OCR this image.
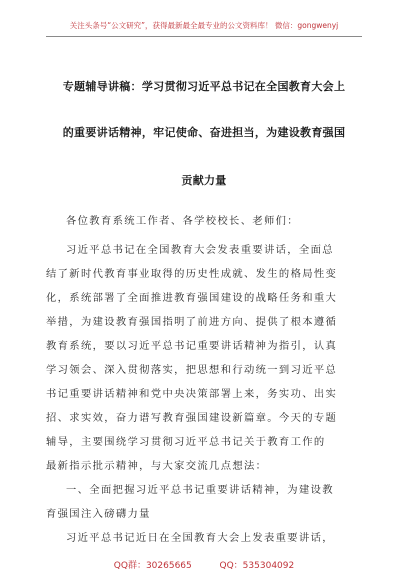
关注头条号“公文研究”，获得最新最全最专业的公文资料库！ 微信：gongwenyj
专题辅导讲稿：学习贯彻习近平总书记在全国教育大会上
的重要讲话精神，牢记使命、奋进担当，为建设教育强国
贡献力量
各位教育系统工作者、各学校校长、老师们：
习近平总书记在全国教育大会发表重要讲话，全面总
结了新时代教育事业取得的历史性成就、发生的格局性变
化，系统部署了全面推进教育强国建设的战略任务和重大
举措，为建设教育强国指明了前进方向、提供了根本遵循
教育系统，要以习近平总书记重要讲话精神为指引，认真
学习领会、深入贯彻落实，把思想和行动统一到习近平总
书记重要讲话精神和党中央决策部署上来，务实功、出实
招、求实效，奋力谱写教育强国建设新篇章。今天的专题
辅导，主要围绕学习贯彻习近平总书记关于教育工作的
最新指示批示精神，与大家交流几点想法：
一、全面把握习近平总书记重要讲话精神，为建设教
育强国注入磅礴力量
习近平总书记近日在全国教育大会上发表重要讲话，
QQ群：30265665	QQ：535304092
